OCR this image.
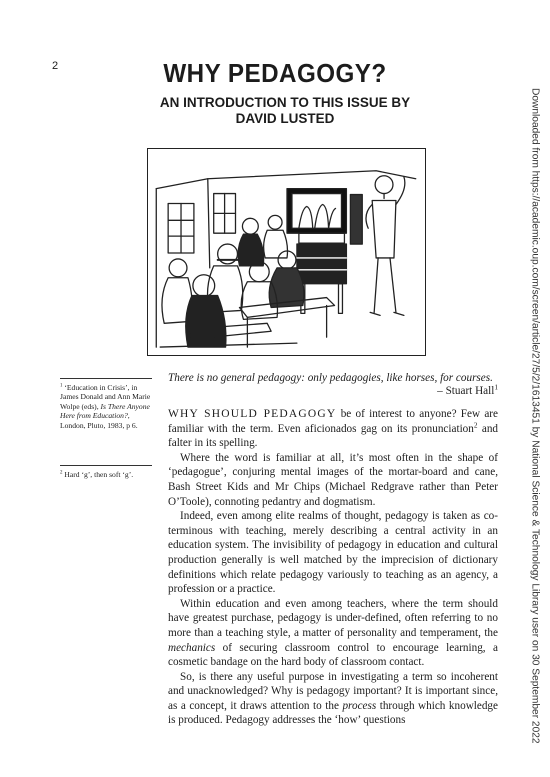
2	WHY PEDAGOGY?
AN INTRODUCTION TO THIS ISSUE BY
DAVID LUSTED	Downloaded from https://academic.oup.com/screen/article/27/5/2/1613451 by National Science & Technology Library user on 30 September 2022
$^1$ ‘Education in Crisis’, in James Donald and Ann Marie Wolpe (eds), Is There Anyone Here from Education?, London, Pluto, 1983, p 6.
$^2$ Hard ‘g’, then soft ‘g’.
There is no general pedagogy: only pedagogies, like horses, for courses.
– Stuart Hall$^1$

WHY SHOULD PEDAGOGY be of interest to anyone? Few are familiar with the term. Even aficionados gag on its pronunciation$^2$ and falter in its spelling.

Where the word is familiar at all, it’s most often in the shape of ‘pedagogue’, conjuring mental images of the mortar-board and cane, Bash Street Kids and Mr Chips (Michael Redgrave rather than Peter O’Toole), connoting pedantry and dogmatism.

Indeed, even among elite realms of thought, pedagogy is taken as co-terminous with teaching, merely describing a central activity in an education system. The invisibility of pedagogy in education and cultural production generally is well matched by the imprecision of dictionary definitions which relate pedagogy variously to teaching as an agency, a profession or a practice.

Within education and even among teachers, where the term should have greatest purchase, pedagogy is under-defined, often referring to no more than a teaching style, a matter of personality and temperament, the mechanics of securing classroom control to encourage learning, a cosmetic bandage on the hard body of classroom contact.

So, is there any useful purpose in investigating a term so incoherent and unacknowledged? Why is pedagogy important? It is important since, as a concept, it draws attention to the process through which knowledge is produced. Pedagogy addresses the ‘how’ questions
